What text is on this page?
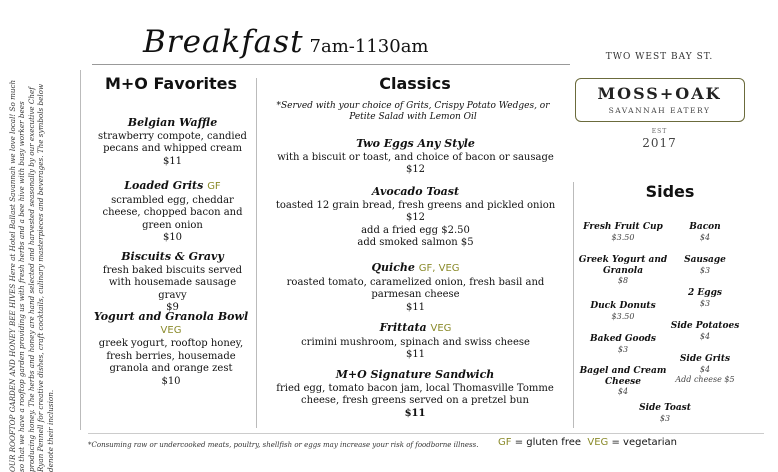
Breakfast 7am-1130am
OUR ROOFTOP GARDEN AND HONEY BEE HIVES Here at Hotel Ballast Savannah we love local! So much so that we have a rooftop garden providing us with fresh herbs and a bee hive with busy worker bees producing honey. The herbs and honey are hand selected and harvested seasonally by our executive Chef Ryan Pennell for creative dishes, craft cocktails, culinary masterpieces and beverages. The symbols below denote their inclusion.
M+O Favorites
Belgian Waffle
strawberry compote, candied pecans and whipped cream
$11
Loaded Grits GF
scrambled egg, cheddar cheese, chopped bacon and green onion
$10
Biscuits & Gravy
fresh baked biscuits served with housemade sausage gravy
$9
Yogurt and Granola Bowl VEG
greek yogurt, rooftop honey, fresh berries, housemade granola and orange zest
$10
Classics
*Served with your choice of Grits, Crispy Potato Wedges, or Petite Salad with Lemon Oil
Two Eggs Any Style
with a biscuit or toast, and choice of bacon or sausage
$12
Avocado Toast
toasted 12 grain bread, fresh greens and pickled onion
$12
add a fried egg $2.50
add smoked salmon $5
Quiche GF, VEG
roasted tomato, caramelized onion, fresh basil and parmesan cheese
$11
Frittata VEG
crimini mushroom, spinach and swiss cheese
$11
M+O Signature Sandwich
fried egg, tomato bacon jam, local Thomasville Tomme cheese, fresh greens served on a pretzel bun
$11
TWO WEST BAY ST.
MOSS+OAK
SAVANNAH EATERY
EST
2017
Sides
Fresh Fruit Cup
$3.50
Greek Yogurt and Granola
$8
Duck Donuts
$3.50
Baked Goods
$3
Bagel and Cream Cheese
$4
Bacon
$4
Sausage
$3
2 Eggs
$3
Side Potatoes
$4
Side Grits
$4
Add cheese $5
Side Toast
$3
*Consuming raw or undercooked meats, poultry, shellfish or eggs may increase your risk of foodborne illness. GF = gluten free VEG = vegetarian
